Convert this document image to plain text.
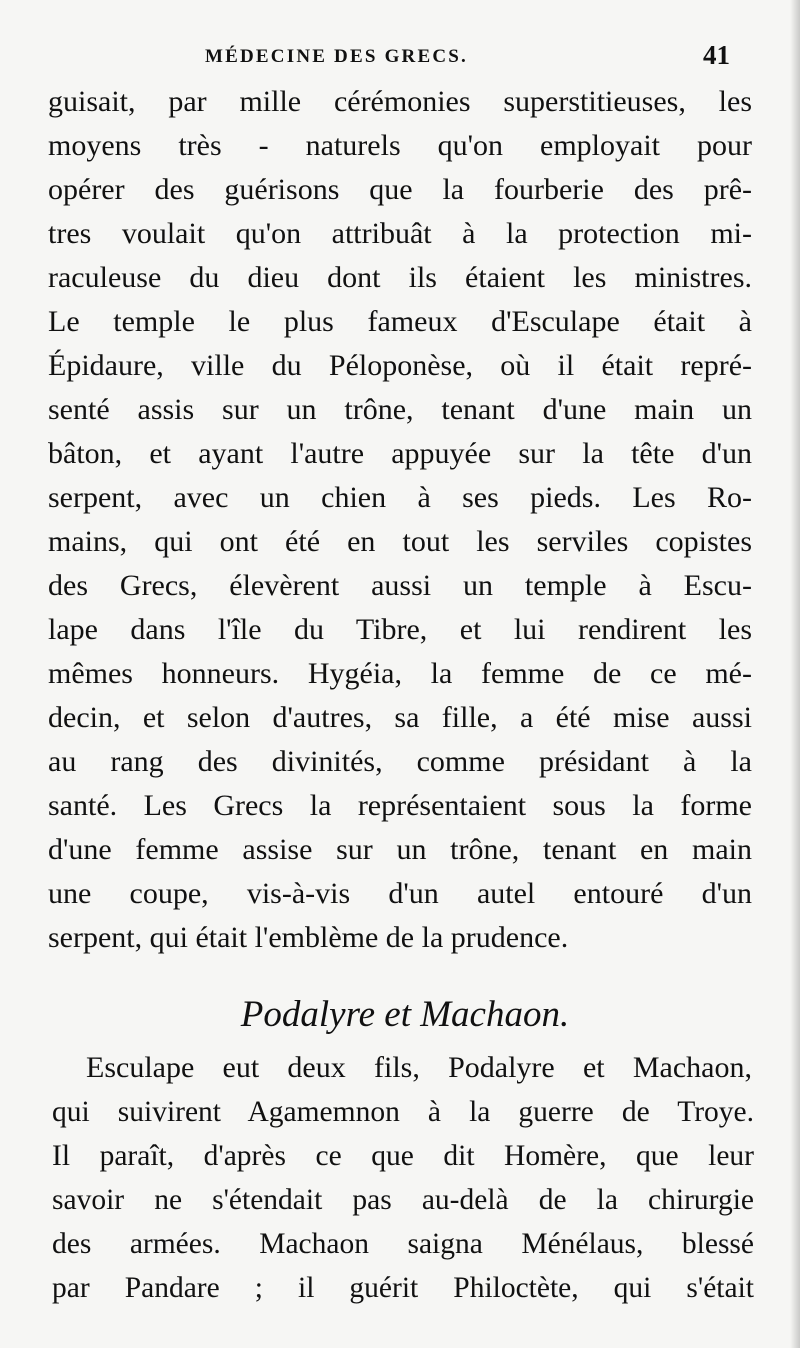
MÉDECINE DES GRECS.	41
guisait, par mille cérémonies superstitieuses, les
moyens très - naturels qu'on employait pour
opérer des guérisons que la fourberie des prê-
tres voulait qu'on attribuât à la protection mi-
raculeuse du dieu dont ils étaient les ministres.
Le temple le plus fameux d'Esculape était à
Épidaure, ville du Péloponèse, où il était repré-
senté assis sur un trône, tenant d'une main un
bâton, et ayant l'autre appuyée sur la tête d'un
serpent, avec un chien à ses pieds. Les Ro-
mains, qui ont été en tout les serviles copistes
des Grecs, élevèrent aussi un temple à Escu-
lape dans l'île du Tibre, et lui rendirent les
mêmes honneurs. Hygéia, la femme de ce mé-
decin, et selon d'autres, sa fille, a été mise aussi
au rang des divinités, comme présidant à la
santé. Les Grecs la représentaient sous la forme
d'une femme assise sur un trône, tenant en main
une coupe, vis-à-vis d'un autel entouré d'un
serpent, qui était l'emblème de la prudence.
Podalyre et Machaon.
Esculape eut deux fils, Podalyre et Machaon,
qui suivirent Agamemnon à la guerre de Troye.
Il paraît, d'après ce que dit Homère, que leur
savoir ne s'étendait pas au-delà de la chirurgie
des armées. Machaon saigna Ménélaus, blessé
par Pandare ; il guérit Philoctète, qui s'était
